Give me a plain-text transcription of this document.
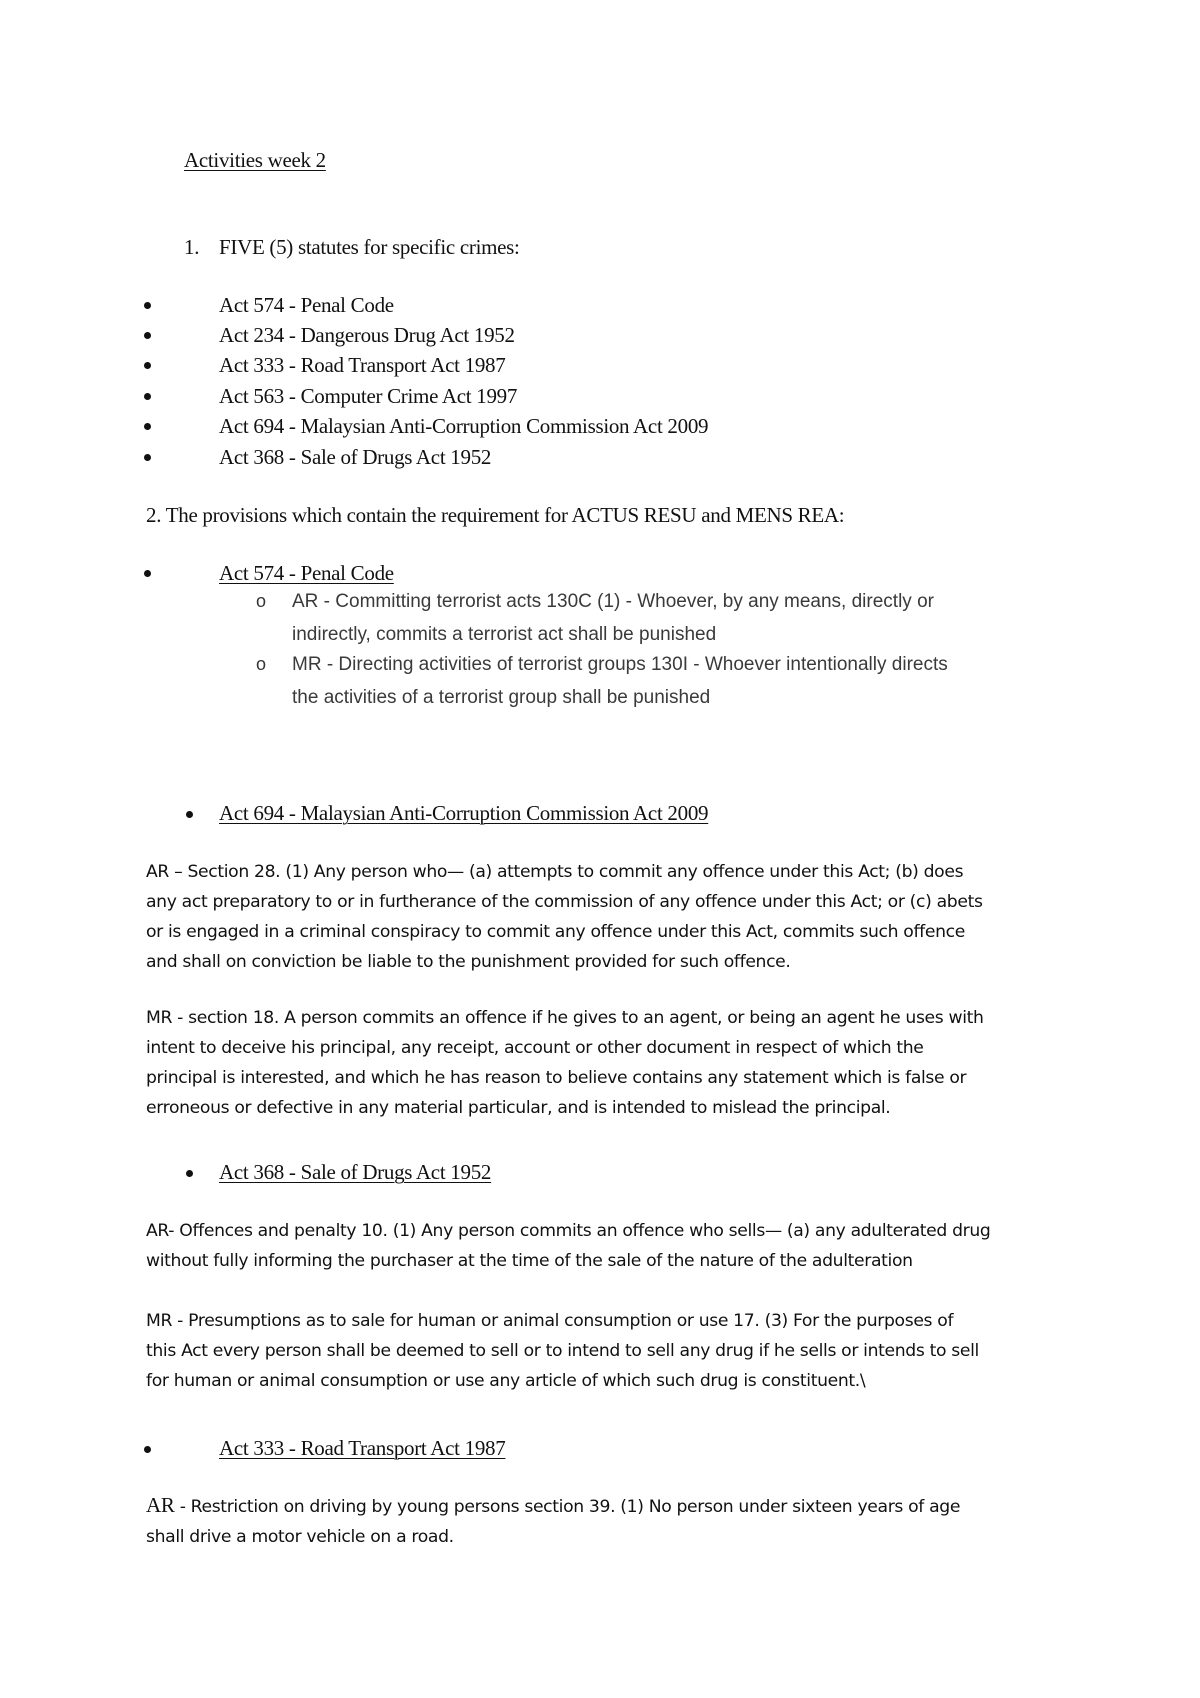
Activities week 2
1. FIVE (5) statutes for specific crimes:
Act 574 - Penal Code
Act 234 - Dangerous Drug Act 1952
Act 333 - Road Transport Act 1987
Act 563 - Computer Crime Act 1997
Act 694 - Malaysian Anti-Corruption Commission Act 2009
Act 368 - Sale of Drugs Act 1952
2. The provisions which contain the requirement for ACTUS RESU and MENS REA:
Act 574 - Penal Code
o AR - Committing terrorist acts 130C (1) - Whoever, by any means, directly or
indirectly, commits a terrorist act shall be punished
o MR - Directing activities of terrorist groups 130I - Whoever intentionally directs
the activities of a terrorist group shall be punished
Act 694 - Malaysian Anti-Corruption Commission Act 2009

AR – Section 28. (1) Any person who— (a) attempts to commit any offence under this Act; (b) does

any act preparatory to or in furtherance of the commission of any offence under this Act; or (c) abets

or is engaged in a criminal conspiracy to commit any offence under this Act, commits such offence

and shall on conviction be liable to the punishment provided for such offence.

MR - section 18. A person commits an offence if he gives to an agent, or being an agent he uses with

intent to deceive his principal, any receipt, account or other document in respect of which the

principal is interested, and which he has reason to believe contains any statement which is false or

erroneous or defective in any material particular, and is intended to mislead the principal.

Act 368 - Sale of Drugs Act 1952

AR- Offences and penalty 10. (1) Any person commits an offence who sells— (a) any adulterated drug

without fully informing the purchaser at the time of the sale of the nature of the adulteration

MR - Presumptions as to sale for human or animal consumption or use 17. (3) For the purposes of

this Act every person shall be deemed to sell or to intend to sell any drug if he sells or intends to sell

for human or animal consumption or use any article of which such drug is constituent.\

Act 333 - Road Transport Act 1987

AR - Restriction on driving by young persons section 39. (1) No person under sixteen years of age

shall drive a motor vehicle on a road.
